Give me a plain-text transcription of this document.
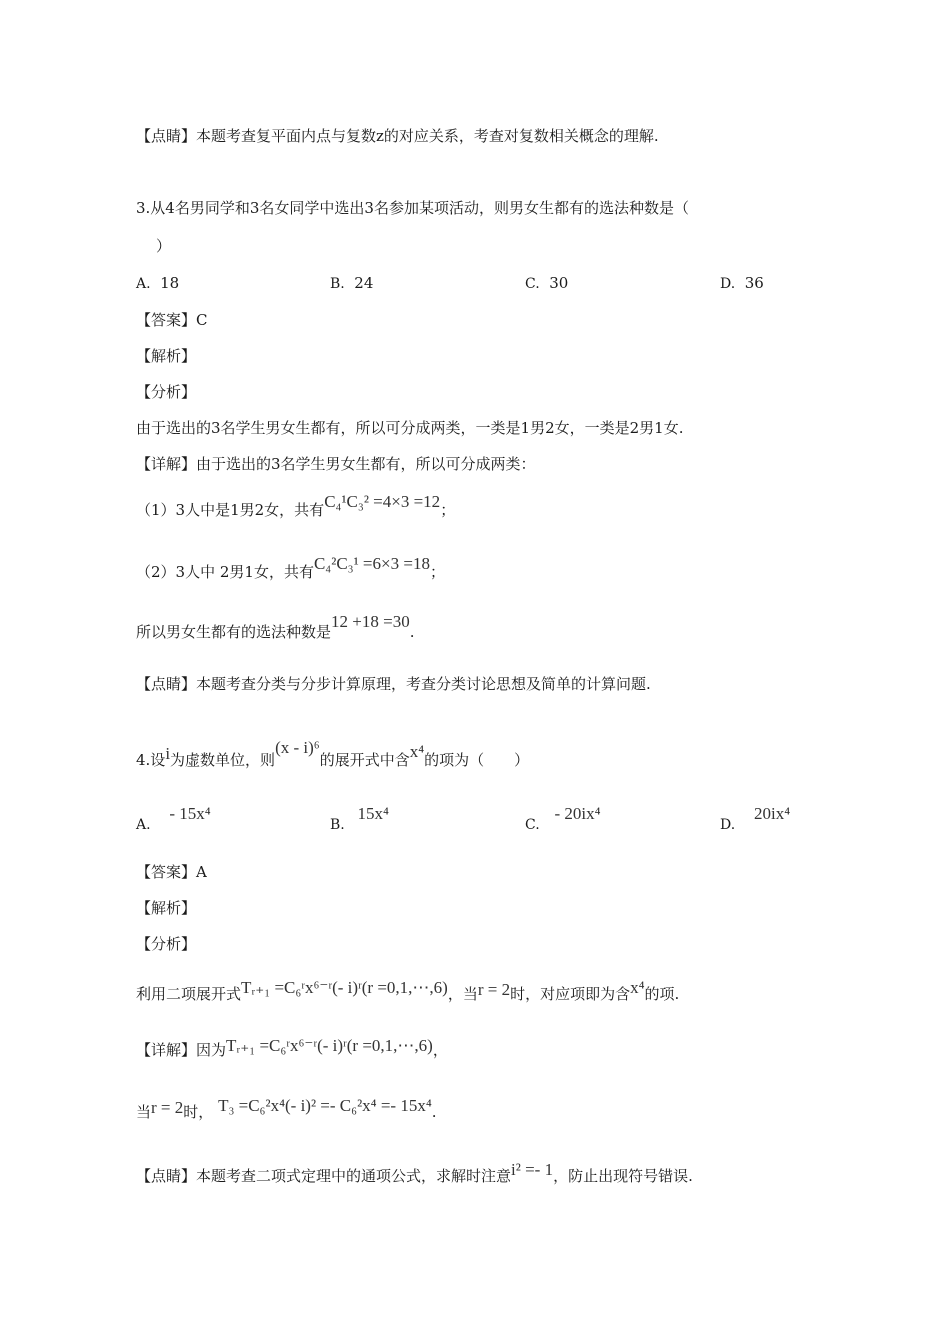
【点睛】本题考查复平面内点与复数z的对应关系，考查对复数相关概念的理解.
3.从4名男同学和3名女同学中选出3名参加某项活动，则男女生都有的选法种数是（
）
A. 18	B. 24	C. 30	D. 36
【答案】C
【解析】
【分析】
由于选出的3名学生男女生都有，所以可分成两类，一类是1男2女，一类是2男1女.
【详解】由于选出的3名学生男女生都有，所以可分成两类：
（1）3人中是1男2女，共有C₄¹C₃² =4×3 =12；
（2）3人中 2男1女，共有C₄²C₃¹ =6×3 =18；
所以男女生都有的选法种数是12 +18 =30.
【点睛】本题考查分类与分步计算原理，考查分类讨论思想及简单的计算问题.
4.设i为虚数单位，则(x - i)⁶的展开式中含x⁴的项为（　　）
A. - 15x⁴
B. 15x⁴
C. - 20ix⁴
D. 20ix⁴
【答案】A
【解析】
【分析】
利用二项展开式Tᵣ₊₁ =C₆ʳx⁶⁻ʳ(- i)ʳ(r =0,1,⋯,6)，当r = 2时，对应项即为含x⁴的项.
【详解】因为Tᵣ₊₁ =C₆ʳx⁶⁻ʳ(- i)ʳ(r =0,1,⋯,6)，
当r = 2时， T₃ =C₆²x⁴(- i)² =- C₆²x⁴ =- 15x⁴.
【点睛】本题考查二项式定理中的通项公式，求解时注意i² =- 1，防止出现符号错误.
